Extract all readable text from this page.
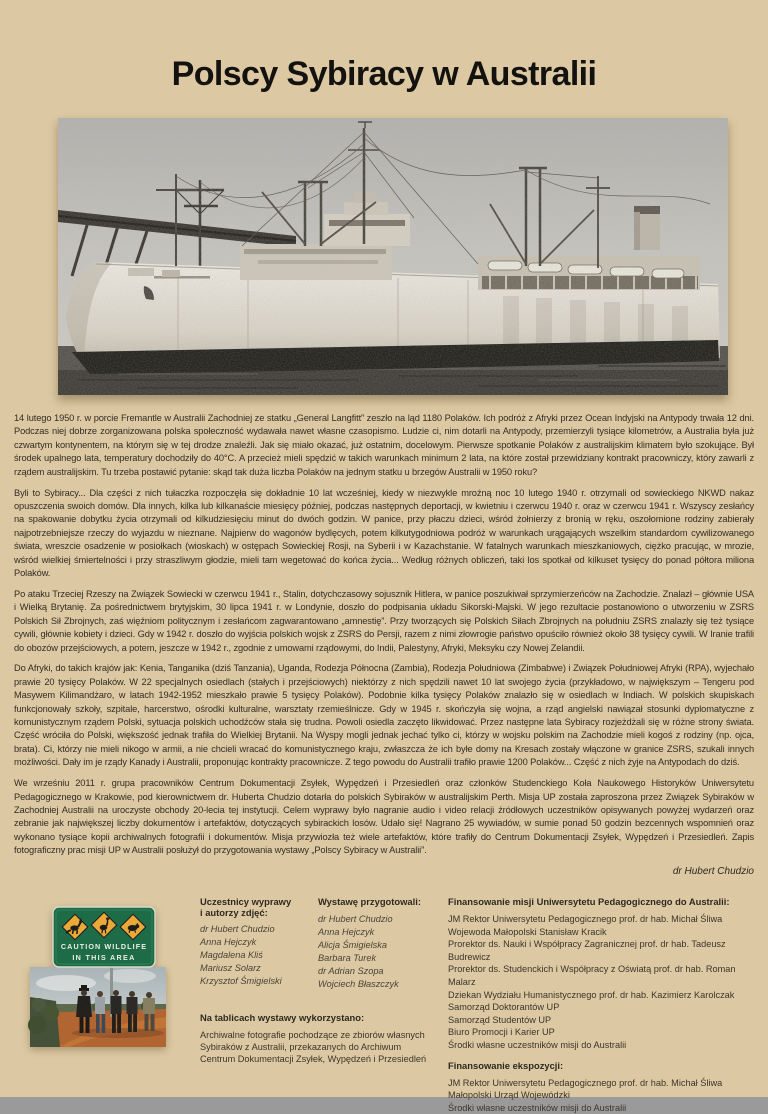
Polscy Sybiracy w Australii
14 lutego 1950 r. w porcie Fremantle w Australii Zachodniej ze statku „General Langfitt” zeszło na ląd 1180 Polaków. Ich podróż z Afryki przez Ocean Indyjski na Antypody trwała 12 dni. Podczas niej dobrze zorganizowana polska społeczność wydawała nawet własne czasopismo. Ludzie ci, nim dotarli na Antypody, przemierzyli tysiące kilometrów, a Australia była już czwartym kontynentem, na którym się w tej drodze znaleźli. Jak się miało okazać, już ostatnim, docelowym. Pierwsze spotkanie Polaków z australijskim klimatem było szokujące. Był środek upalnego lata, temperatury dochodziły do 40°C. A przecież mieli spędzić w takich warunkach minimum 2 lata, na które został przewidziany kontrakt pracowniczy, który zawarli z rządem australijskim. Tu trzeba postawić pytanie: skąd tak duża liczba Polaków na jednym statku u brzegów Australii w 1950 roku?
Byli to Sybiracy... Dla części z nich tułaczka rozpoczęła się dokładnie 10 lat wcześniej, kiedy w niezwykle mroźną noc 10 lutego 1940 r. otrzymali od sowieckiego NKWD nakaz opuszczenia swoich domów. Dla innych, kilka lub kilkanaście miesięcy później, podczas następnych deportacji, w kwietniu i czerwcu 1940 r. oraz w czerwcu 1941 r. Wszyscy zesłańcy na spakowanie dobytku życia otrzymali od kilkudziesięciu minut do dwóch godzin. W panice, przy płaczu dzieci, wśród żołnierzy z bronią w ręku, oszołomione rodziny zabierały najpotrzebniejsze rzeczy do wyjazdu w nieznane. Najpierw do wagonów bydlęcych, potem kilkutygodniowa podróż w warunkach urągających wszelkim standardom cywilizowanego świata, wreszcie osadzenie w posiołkach (wioskach) w ostępach Sowieckiej Rosji, na Syberii i w Kazachstanie. W fatalnych warunkach mieszkaniowych, ciężko pracując, w mrozie, wśród wielkiej śmiertelności i przy straszliwym głodzie, mieli tam wegetować do końca życia... Według różnych obliczeń, taki los spotkał od kilkuset tysięcy do ponad półtora miliona Polaków.
Po ataku Trzeciej Rzeszy na Związek Sowiecki w czerwcu 1941 r., Stalin, dotychczasowy sojusznik Hitlera, w panice poszukiwał sprzymierzeńców na Zachodzie. Znalazł – głównie USA i Wielką Brytanię. Za pośrednictwem brytyjskim, 30 lipca 1941 r. w Londynie, doszło do podpisania układu Sikorski-Majski. W jego rezultacie postanowiono o utworzeniu w ZSRS Polskich Sił Zbrojnych, zaś więźniom politycznym i zesłańcom zagwarantowano „amnestię”. Przy tworzących się Polskich Siłach Zbrojnych na południu ZSRS znalazły się też tysiące cywili, głównie kobiety i dzieci. Gdy w 1942 r. doszło do wyjścia polskich wojsk z ZSRS do Persji, razem z nimi złowrogie państwo opuściło również około 38 tysięcy cywili. W Iranie trafili do obozów przejściowych, a potem, jeszcze w 1942 r., zgodnie z umowami rządowymi, do Indii, Palestyny, Afryki, Meksyku czy Nowej Zelandii.
Do Afryki, do takich krajów jak: Kenia, Tanganika (dziś Tanzania), Uganda, Rodezja Północna (Zambia), Rodezja Południowa (Zimbabwe) i Związek Południowej Afryki (RPA), wyjechało prawie 20 tysięcy Polaków. W 22 specjalnych osiedlach (stałych i przejściowych) niektórzy z nich spędzili nawet 10 lat swojego życia (przykładowo, w największym – Tengeru pod Masywem Kilimandżaro, w latach 1942-1952 mieszkało prawie 5 tysięcy Polaków). Podobnie kilka tysięcy Polaków znalazło się w osiedlach w Indiach. W polskich skupiskach funkcjonowały szkoły, szpitale, harcerstwo, ośrodki kulturalne, warsztaty rzemieślnicze. Gdy w 1945 r. skończyła się wojna, a rząd angielski nawiązał stosunki dyplomatyczne z komunistycznym rządem Polski, sytuacja polskich uchodźców stała się trudna. Powoli osiedla zaczęto likwidować. Przez następne lata Sybiracy rozjeżdżali się w różne strony świata. Część wróciła do Polski, większość jednak trafiła do Wielkiej Brytanii. Na Wyspy mogli jednak jechać tylko ci, którzy w wojsku polskim na Zachodzie mieli kogoś z rodziny (np. ojca, brata). Ci, którzy nie mieli nikogo w armii, a nie chcieli wracać do komunistycznego kraju, zwłaszcza że ich byłe domy na Kresach zostały włączone w granice ZSRS, szukali innych możliwości. Dały im je rządy Kanady i Australii, proponując kontrakty pracownicze. Z tego powodu do Australii trafiło prawie 1200 Polaków... Część z nich żyje na Antypodach do dziś.
We wrześniu 2011 r. grupa pracowników Centrum Dokumentacji Zsyłek, Wypędzeń i Przesiedleń oraz członków Studenckiego Koła Naukowego Historyków Uniwersytetu Pedagogicznego w Krakowie, pod kierownictwem dr. Huberta Chudzio dotarła do polskich Sybiraków w australijskim Perth. Misja UP została zaproszona przez Związek Sybiraków w Zachodniej Australii na uroczyste obchody 20-lecia tej instytucji. Celem wyprawy było nagranie audio i video relacji źródłowych uczestników opisywanych powyżej wydarzeń oraz zebranie jak największej liczby dokumentów i artefaktów, dotyczących sybirackich losów. Udało się! Nagrano 25 wywiadów, w sumie ponad 50 godzin bezcennych wspomnień oraz wykonano tysiące kopii archiwalnych fotografii i dokumentów. Misja przywiozła też wiele artefaktów, które trafiły do Centrum Dokumentacji Zsyłek, Wypędzeń i Przesiedleń. Zapis fotograficzny prac misji UP w Australii posłużył do przygotowania wystawy „Polscy Sybiracy w Australii”.
dr Hubert Chudzio
CAUTION WILDLIFE
IN THIS AREA
Uczestnicy wyprawy
i autorzy zdjęć:
dr Hubert Chudzio
Anna Hejczyk
Magdalena Kliś
Mariusz Solarz
Krzysztof Śmigielski
Wystawę przygotowali:
dr Hubert Chudzio
Anna Hejczyk
Alicja Śmigielska
Barbara Turek
dr Adrian Szopa
Wojciech Błaszczyk
Finansowanie misji Uniwersytetu Pedagogicznego do Australii:
JM Rektor Uniwersytetu Pedagogicznego prof. dr hab. Michał Śliwa
Wojewoda Małopolski Stanisław Kracik
Prorektor ds. Nauki i Współpracy Zagranicznej prof. dr hab. Tadeusz Budrewicz
Prorektor ds. Studenckich i Współpracy z Oświatą prof. dr hab. Roman Malarz
Dziekan Wydziału Humanistycznego prof. dr hab. Kazimierz Karolczak
Samorząd Doktorantów UP
Samorząd Studentów UP
Biuro Promocji i Karier UP
Środki własne uczestników misji do Australii
Finansowanie ekspozycji:
JM Rektor Uniwersytetu Pedagogicznego prof. dr hab. Michał Śliwa
Małopolski Urząd Wojewódzki
Środki własne uczestników misji do Australii
Na tablicach wystawy wykorzystano:
Archiwalne fotografie pochodzące ze zbiorów własnych
Sybiraków z Australii, przekazanych do Archiwum
Centrum Dokumentacji Zsyłek, Wypędzeń i Przesiedleń
